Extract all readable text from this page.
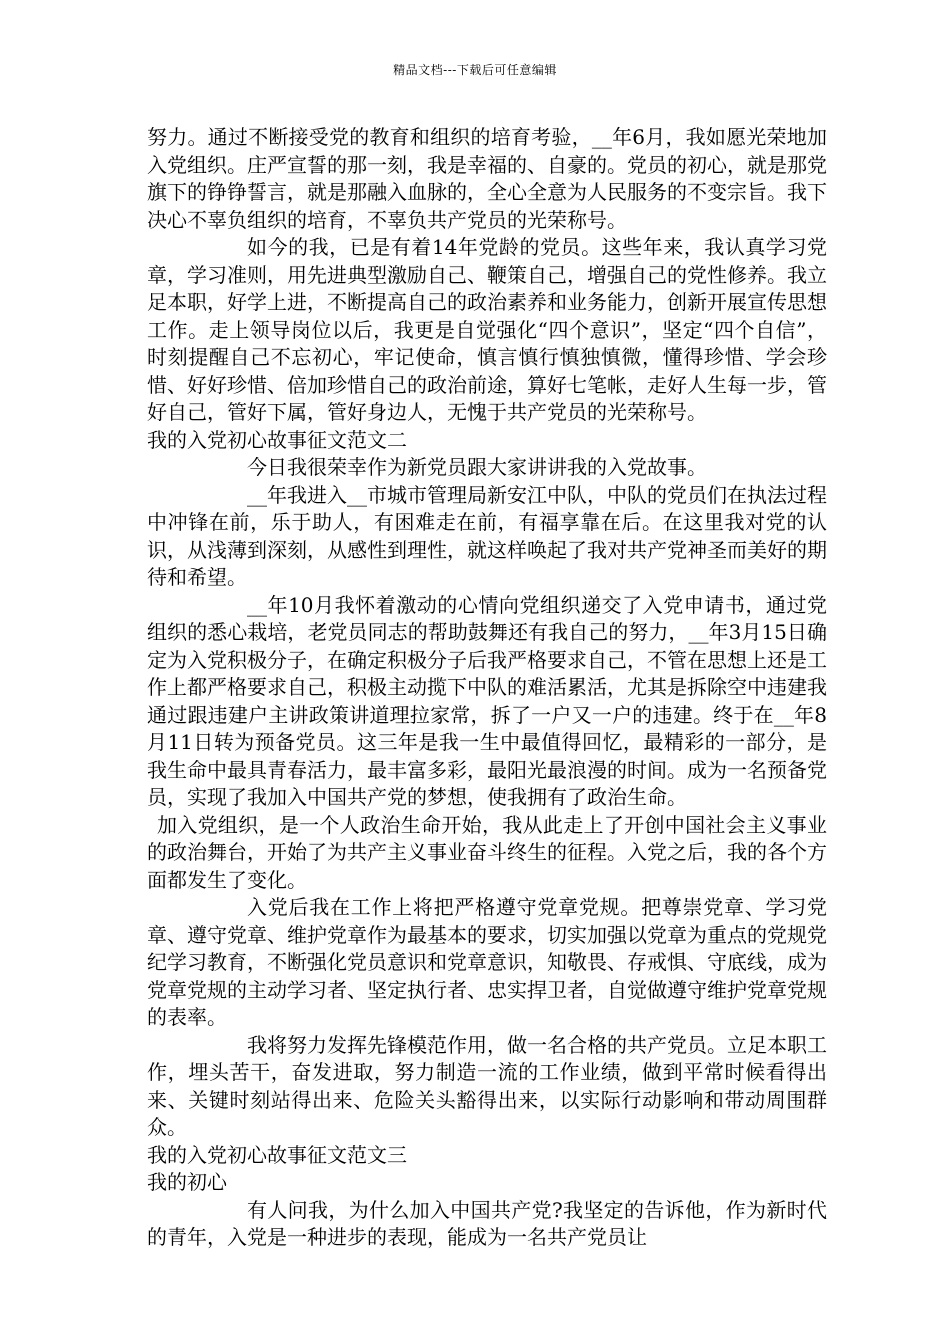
精品文档---下载后可任意编辑

努力。通过不断接受党的教育和组织的培育考验，__年6月，我如愿光荣地加入党组织。庄严宣誓的那一刻，我是幸福的、自豪的。党员的初心，就是那党旗下的铮铮誓言，就是那融入血脉的，全心全意为人民服务的不变宗旨。我下决心不辜负组织的培育，不辜负共产党员的光荣称号。

如今的我，已是有着14年党龄的党员。这些年来，我认真学习党章，学习准则，用先进典型激励自己、鞭策自己，增强自己的党性修养。我立足本职，好学上进，不断提高自己的政治素养和业务能力，创新开展宣传思想工作。走上领导岗位以后，我更是自觉强化“四个意识”，坚定“四个自信”，时刻提醒自己不忘初心，牢记使命，慎言慎行慎独慎微，懂得珍惜、学会珍惜、好好珍惜、倍加珍惜自己的政治前途，算好七笔帐，走好人生每一步，管好自己，管好下属，管好身边人，无愧于共产党员的光荣称号。

我的入党初心故事征文范文二

今日我很荣幸作为新党员跟大家讲讲我的入党故事。

__年我进入__市城市管理局新安江中队，中队的党员们在执法过程中冲锋在前，乐于助人，有困难走在前，有福享靠在后。在这里我对党的认识，从浅薄到深刻，从感性到理性，就这样唤起了我对共产党神圣而美好的期待和希望。

__年10月我怀着激动的心情向党组织递交了入党申请书，通过党组织的悉心栽培，老党员同志的帮助鼓舞还有我自己的努力，__年3月15日确定为入党积极分子，在确定积极分子后我严格要求自己，不管在思想上还是工作上都严格要求自己，积极主动揽下中队的难活累活，尤其是拆除空中违建我通过跟违建户主讲政策讲道理拉家常，拆了一户又一户的违建。终于在__年8月11日转为预备党员。这三年是我一生中最值得回忆，最精彩的一部分，是我生命中最具青春活力，最丰富多彩，最阳光最浪漫的时间。成为一名预备党员，实现了我加入中国共产党的梦想，使我拥有了政治生命。

加入党组织，是一个人政治生命开始，我从此走上了开创中国社会主义事业的政治舞台，开始了为共产主义事业奋斗终生的征程。入党之后，我的各个方面都发生了变化。

入党后我在工作上将把严格遵守党章党规。把尊崇党章、学习党章、遵守党章、维护党章作为最基本的要求，切实加强以党章为重点的党规党纪学习教育，不断强化党员意识和党章意识，知敬畏、存戒惧、守底线，成为党章党规的主动学习者、坚定执行者、忠实捍卫者，自觉做遵守维护党章党规的表率。

我将努力发挥先锋模范作用，做一名合格的共产党员。立足本职工作，埋头苦干，奋发进取，努力制造一流的工作业绩，做到平常时候看得出来、关键时刻站得出来、危险关头豁得出来，以实际行动影响和带动周围群众。

我的入党初心故事征文范文三

我的初心

有人问我，为什么加入中国共产党?我坚定的告诉他，作为新时代的青年，入党是一种进步的表现，能成为一名共产党员让
